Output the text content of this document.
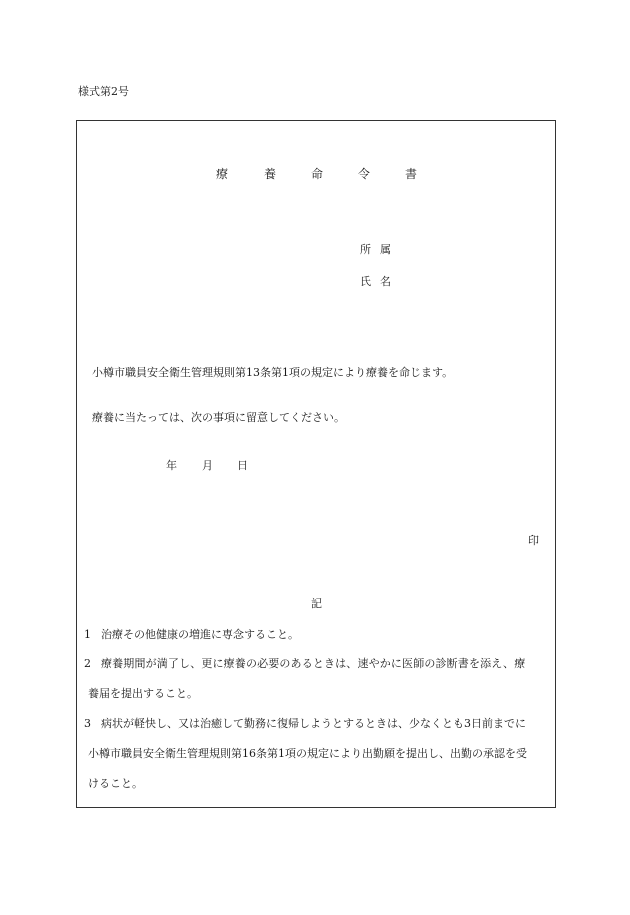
様式第2号
療	養	命	令	書
所属
氏名
小樽市職員安全衛生管理規則第13条第1項の規定により療養を命じます。
療養に当たっては、次の事項に留意してください。
年 月 日
印
記
1 治療その他健康の増進に専念すること。
2 療養期間が満了し、更に療養の必要のあるときは、速やかに医師の診断書を添え、療
養届を提出すること。
3 病状が軽快し、又は治癒して勤務に復帰しようとするときは、少なくとも3日前までに
小樽市職員安全衛生管理規則第16条第1項の規定により出勤願を提出し、出勤の承認を受
けること。
